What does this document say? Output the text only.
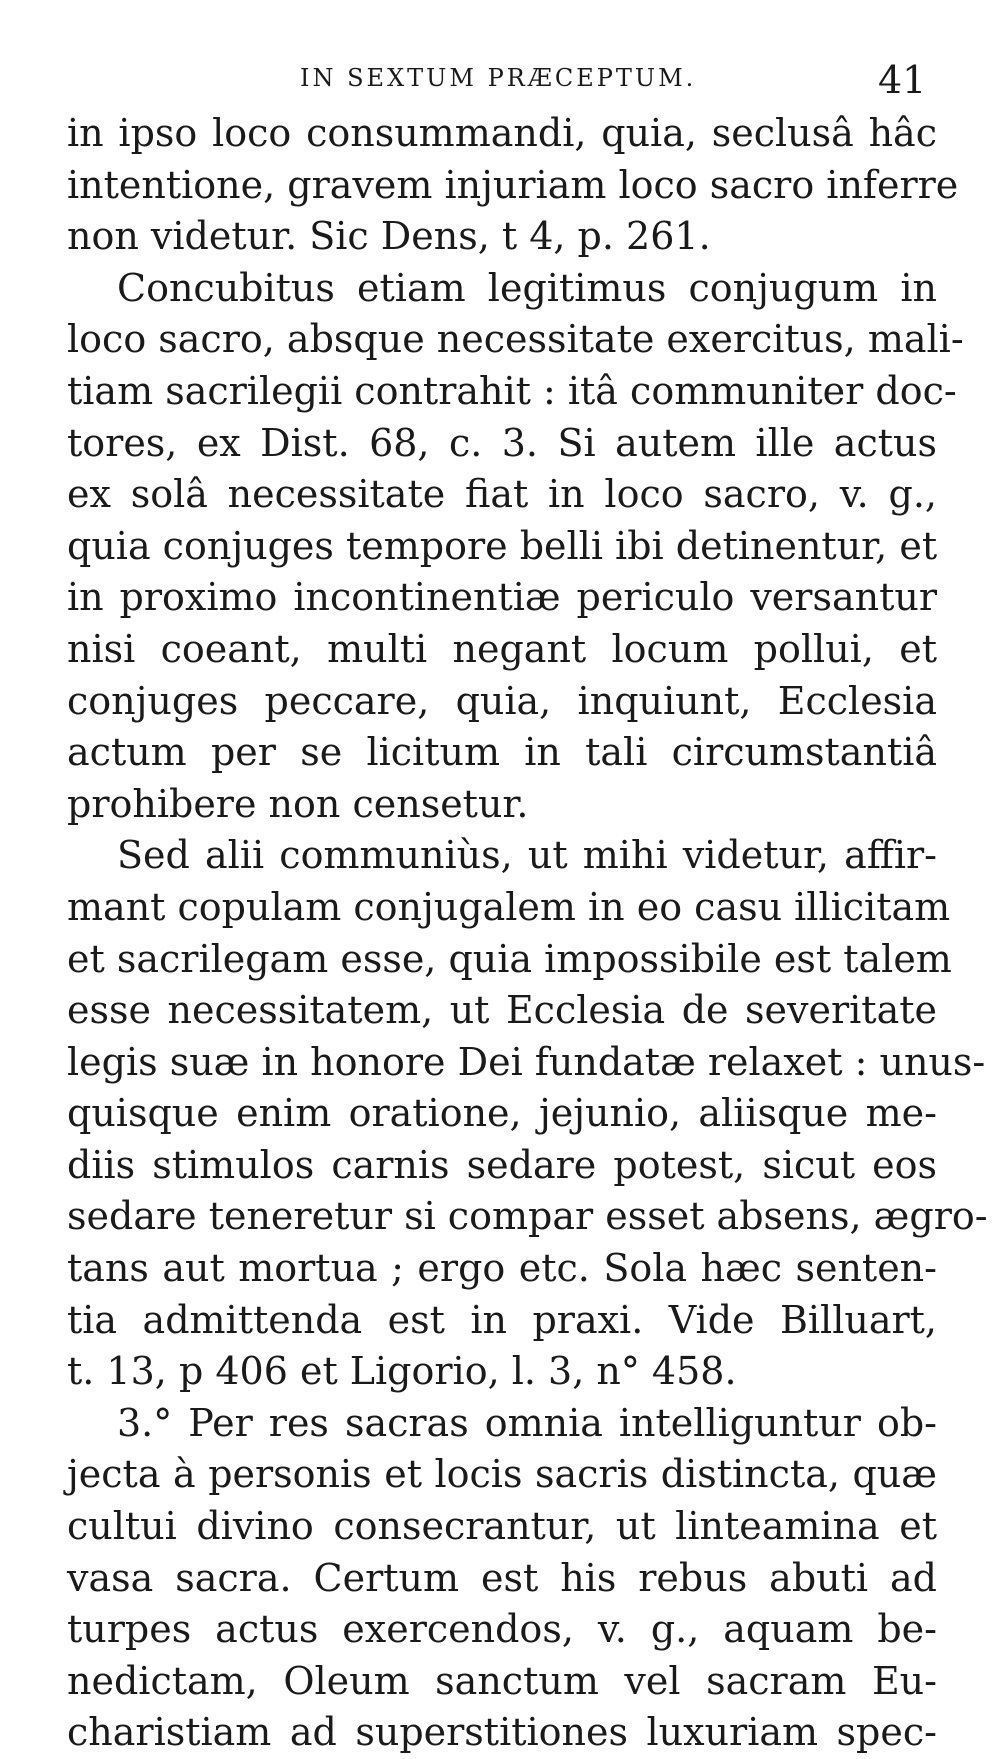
IN SEXTUM PRÆCEPTUM.	41
in ipso loco consummandi, quia, seclusâ hâc
intentione, gravem injuriam loco sacro inferre
non videtur. Sic Dens, t 4, p. 261.
Concubitus etiam legitimus conjugum in
loco sacro, absque necessitate exercitus, mali-
tiam sacrilegii contrahit : itâ communiter doc-
tores, ex Dist. 68, c. 3. Si autem ille actus
ex solâ necessitate fiat in loco sacro, v. g.,
quia conjuges tempore belli ibi detinentur, et
in proximo incontinentiæ periculo versantur
nisi coeant, multi negant locum pollui, et
conjuges peccare, quia, inquiunt, Ecclesia
actum per se licitum in tali circumstantiâ
prohibere non censetur.
Sed alii communiùs, ut mihi videtur, affir-
mant copulam conjugalem in eo casu illicitam
et sacrilegam esse, quia impossibile est talem
esse necessitatem, ut Ecclesia de severitate
legis suæ in honore Dei fundatæ relaxet : unus-
quisque enim oratione, jejunio, aliisque me-
diis stimulos carnis sedare potest, sicut eos
sedare teneretur si compar esset absens, ægro-
tans aut mortua ; ergo etc. Sola hæc senten-
tia admittenda est in praxi. Vide Billuart,
t. 13, p 406 et Ligorio, l. 3, n° 458.
3.° Per res sacras omnia intelliguntur ob-
jecta à personis et locis sacris distincta, quæ
cultui divino consecrantur, ut linteamina et
vasa sacra. Certum est his rebus abuti ad
turpes actus exercendos, v. g., aquam be-
nedictam, Oleum sanctum vel sacram Eu-
charistiam ad superstitiones luxuriam spec-
